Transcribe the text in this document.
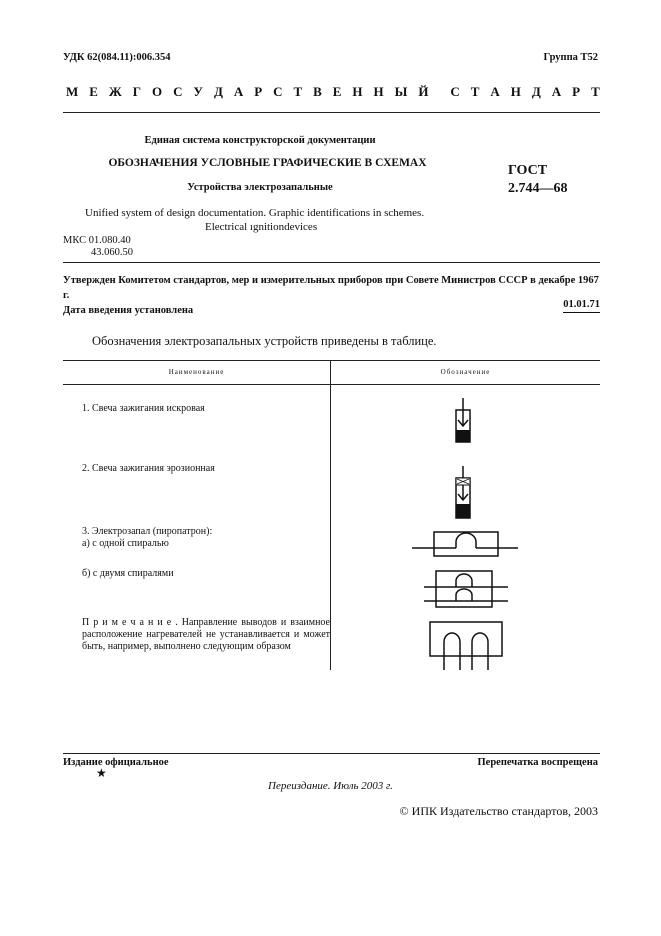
УДК 62(084.11):006.354	Группа Т52
М Е Ж Г О С У Д А Р С Т В Е Н Н Ы Й С Т А Н Д А Р Т
Единая система конструкторской документации
ОБОЗНАЧЕНИЯ УСЛОВНЫЕ ГРАФИЧЕСКИЕ В СХЕМАХ
Устройства электрозапальные
ГОСТ
2.744—68
Unified system of design documentation. Graphic identifications in schemes.
Electrical ıgnitiondevices
МКС 01.080.40
43.060.50
Утвержден Комитетом стандартов, мер и измерительных приборов при Совете Министров СССР в декабре 1967 г.
Дата введения установлена
01.01.71
Обозначения электрозапальных устройств приведены в таблице.
Наименование	Обозначение
1. Свеча зажигания искровая
2. Свеча зажигания эрозионная
3. Электрозапал (пиропатрон):
а) с одной спиралью
б) с двумя спиралями
П р и м е ч а н и е . Направление выводов и взаимное расположение нагревателей не устанавливается и может быть, например, выполнено следующим образом
Издание официальное
★
Перепечатка воспрещена
Переиздание. Июль 2003 г.
© ИПК Издательство стандартов, 2003
